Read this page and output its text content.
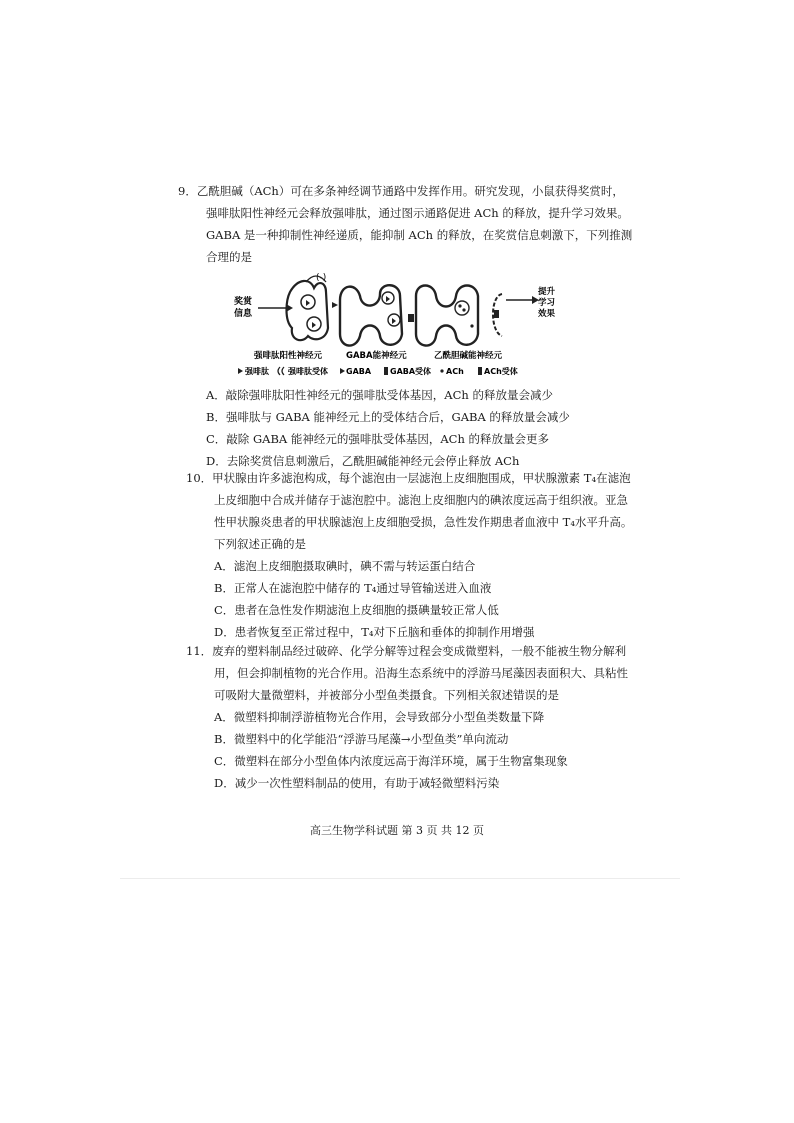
9．乙酰胆碱（ACh）可在多条神经调节通路中发挥作用。研究发现，小鼠获得奖赏时，
强啡肽阳性神经元会释放强啡肽，通过图示通路促进 ACh 的释放，提升学习效果。
GABA 是一种抑制性神经递质，能抑制 ACh 的释放，在奖赏信息刺激下，下列推测
合理的是
奖赏
信息
(-)
提升
学习
效果
强啡肽阳性神经元	GABA能神经元	乙酰胆碱能神经元
强啡肽 强啡肽受体 GABA GABA受体 ACh	ACh受体
A．敲除强啡肽阳性神经元的强啡肽受体基因，ACh 的释放量会减少
B．强啡肽与 GABA 能神经元上的受体结合后，GABA 的释放量会减少
C．敲除 GABA 能神经元的强啡肽受体基因，ACh 的释放量会更多
D．去除奖赏信息刺激后，乙酰胆碱能神经元会停止释放 ACh
10．甲状腺由许多滤泡构成，每个滤泡由一层滤泡上皮细胞围成，甲状腺激素 T₄在滤泡
上皮细胞中合成并储存于滤泡腔中。滤泡上皮细胞内的碘浓度远高于组织液。亚急
性甲状腺炎患者的甲状腺滤泡上皮细胞受损，急性发作期患者血液中 T₄水平升高。
下列叙述正确的是
A．滤泡上皮细胞摄取碘时，碘不需与转运蛋白结合
B．正常人在滤泡腔中储存的 T₄通过导管输送进入血液
C．患者在急性发作期滤泡上皮细胞的摄碘量较正常人低
D．患者恢复至正常过程中，T₄对下丘脑和垂体的抑制作用增强
11．废弃的塑料制品经过破碎、化学分解等过程会变成微塑料，一般不能被生物分解利
用，但会抑制植物的光合作用。沿海生态系统中的浮游马尾藻因表面积大、具粘性
可吸附大量微塑料，并被部分小型鱼类摄食。下列相关叙述错误的是
A．微塑料抑制浮游植物光合作用，会导致部分小型鱼类数量下降
B．微塑料中的化学能沿“浮游马尾藻→小型鱼类”单向流动
C．微塑料在部分小型鱼体内浓度远高于海洋环境，属于生物富集现象
D．减少一次性塑料制品的使用，有助于减轻微塑料污染
高三生物学科试题 第 3 页 共 12 页
